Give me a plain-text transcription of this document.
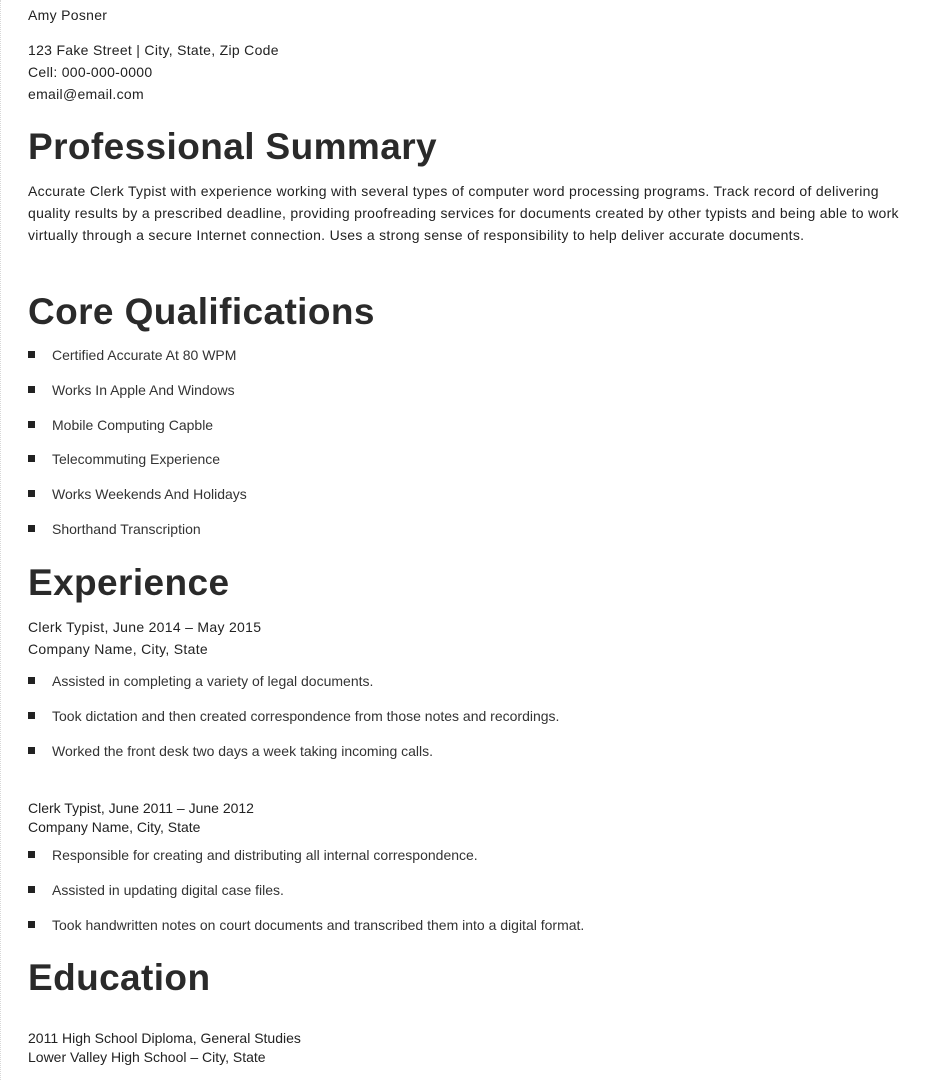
Amy Posner
123 Fake Street | City, State, Zip Code
Cell: 000-000-0000
email@email.com
Professional Summary

Accurate Clerk Typist with experience working with several types of computer word processing programs. Track record of delivering quality results by a prescribed deadline, providing proofreading services for documents created by other typists and being able to work virtually through a secure Internet connection. Uses a strong sense of responsibility to help deliver accurate documents.

Core Qualifications
Certified Accurate At 80 WPM
Works In Apple And Windows
Mobile Computing Capble
Telecommuting Experience
Works Weekends And Holidays
Shorthand Transcription
Experience
Clerk Typist, June 2014 – May 2015
Company Name, City, State
Assisted in completing a variety of legal documents.
Took dictation and then created correspondence from those notes and recordings.
Worked the front desk two days a week taking incoming calls.
Clerk Typist, June 2011 – June 2012
Company Name, City, State
Responsible for creating and distributing all internal correspondence.
Assisted in updating digital case files.
Took handwritten notes on court documents and transcribed them into a digital format.
Education
2011 High School Diploma, General Studies
Lower Valley High School – City, State
